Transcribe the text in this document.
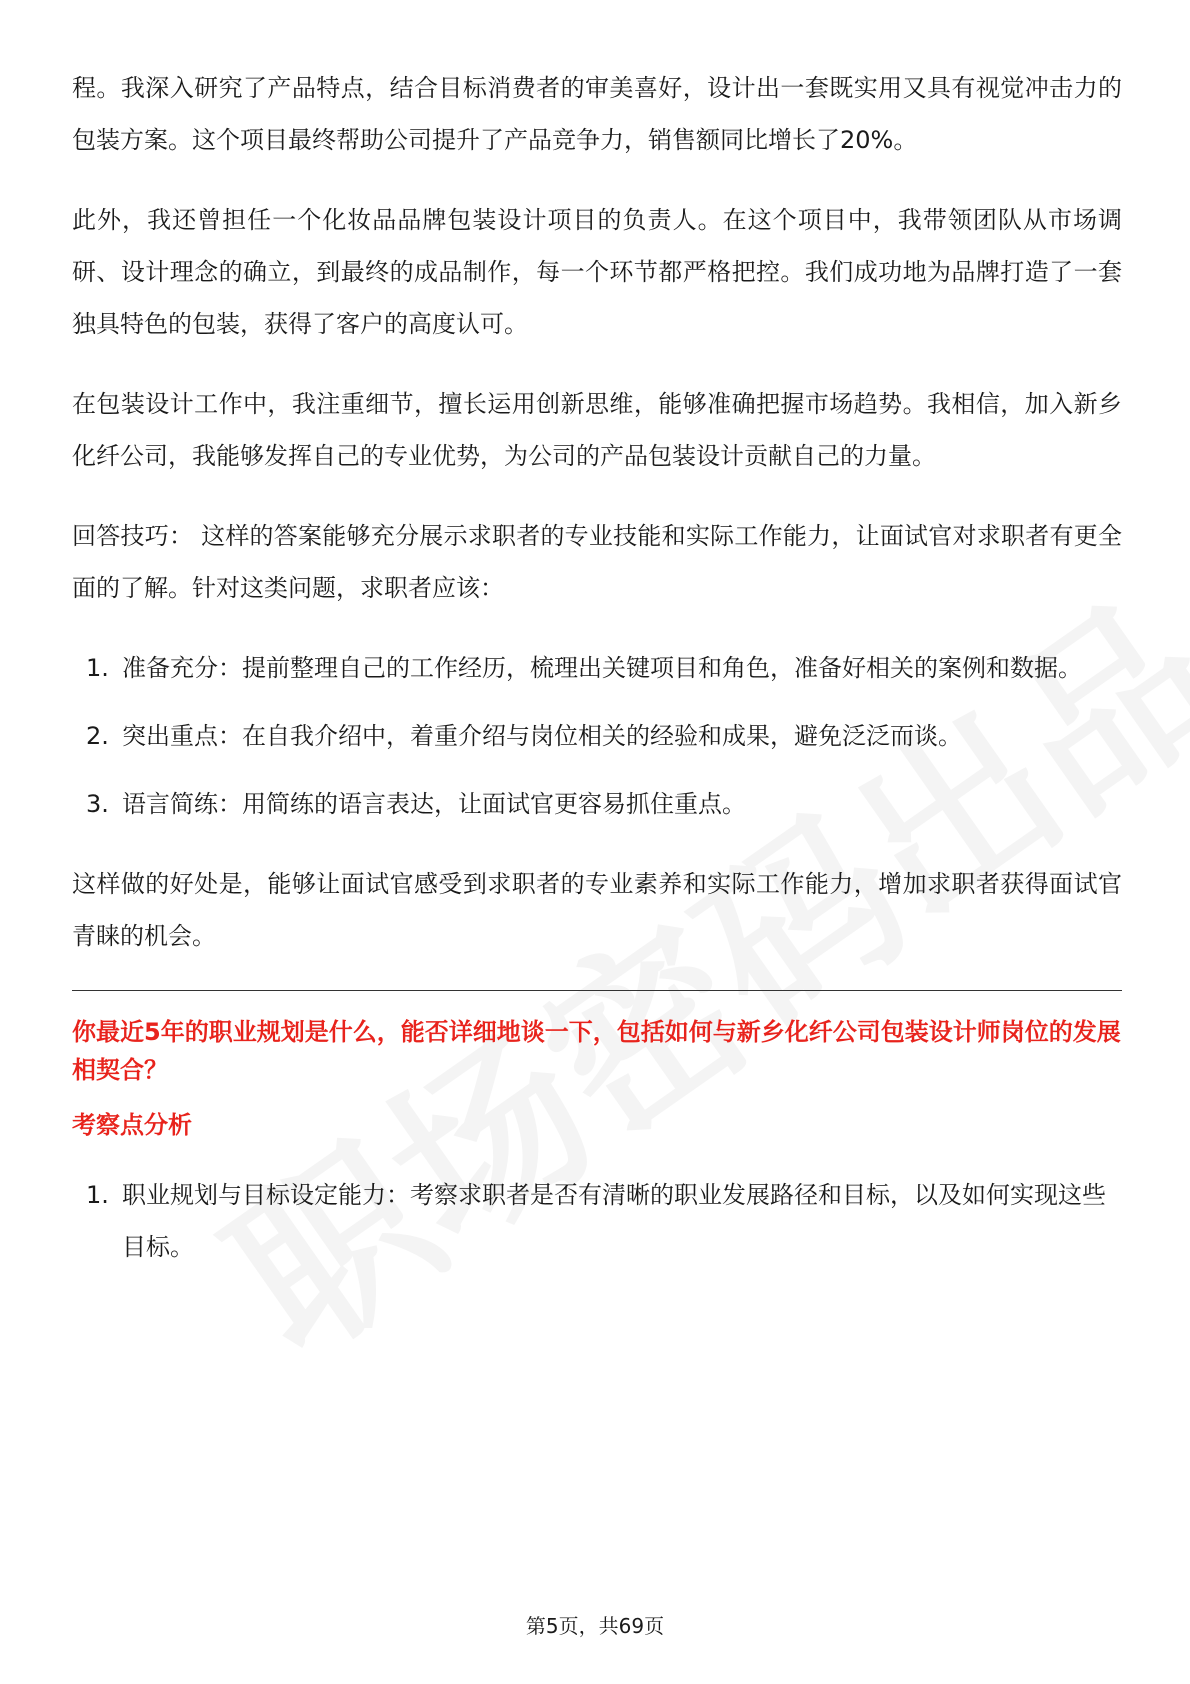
程。我深入研究了产品特点，结合目标消费者的审美喜好，设计出一套既实用又具有视觉冲击力的包装方案。这个项目最终帮助公司提升了产品竞争力，销售额同比增长了20%。

此外，我还曾担任一个化妆品品牌包装设计项目的负责人。在这个项目中，我带领团队从市场调研、设计理念的确立，到最终的成品制作，每一个环节都严格把控。我们成功地为品牌打造了一套独具特色的包装，获得了客户的高度认可。

在包装设计工作中，我注重细节，擅长运用创新思维，能够准确把握市场趋势。我相信，加入新乡化纤公司，我能够发挥自己的专业优势，为公司的产品包装设计贡献自己的力量。

回答技巧： 这样的答案能够充分展示求职者的专业技能和实际工作能力，让面试官对求职者有更全面的了解。针对这类问题，求职者应该：

1. 准备充分：提前整理自己的工作经历，梳理出关键项目和角色，准备好相关的案例和数据。
2. 突出重点：在自我介绍中，着重介绍与岗位相关的经验和成果，避免泛泛而谈。
3. 语言简练：用简练的语言表达，让面试官更容易抓住重点。

这样做的好处是，能够让面试官感受到求职者的专业素养和实际工作能力，增加求职者获得面试官青睐的机会。

你最近5年的职业规划是什么，能否详细地谈一下，包括如何与新乡化纤公司包装设计师岗位的发展相契合？
考察点分析
1. 职业规划与目标设定能力：考察求职者是否有清晰的职业发展路径和目标，以及如何实现这些目标。
第5页，共69页
